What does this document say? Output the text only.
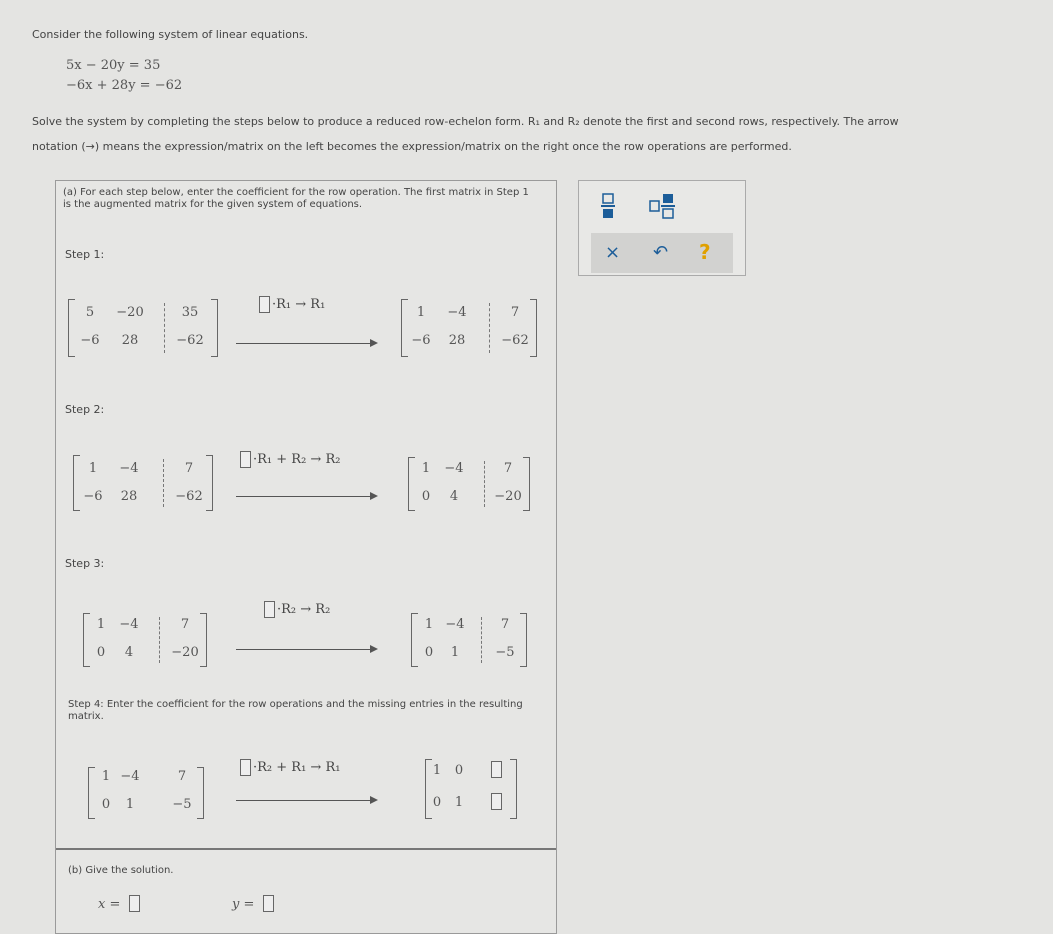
Consider the following system of linear equations.
5x − 20y = 35
−6x + 28y = −62
Solve the system by completing the steps below to produce a reduced row-echelon form. R₁ and R₂ denote the first and second rows, respectively. The arrow
notation (→) means the expression/matrix on the left becomes the expression/matrix on the right once the row operations are performed.
(a) For each step below, enter the coefficient for the row operation. The first matrix in Step 1 is the augmented matrix for the given system of equations.
Step 1:
5	−20	35
−6	28	−62
·R₁ → R₁
1	−4	7
−6	28	−62
Step 2:
1	−4	7
−6	28	−62
·R₁ + R₂ → R₂
1	−4	7
0	4	−20
Step 3:
1	−4	7
0	4	−20
·R₂ → R₂
1 −4	7
0	1	−5
Step 4: Enter the coefficient for the row operations and the missing entries in the resulting matrix.
1 −4	7
0	1	−5
·R₂ + R₁ → R₁	1	0
0	1
(b) Give the solution.
x =	y =
× ↶ ?
